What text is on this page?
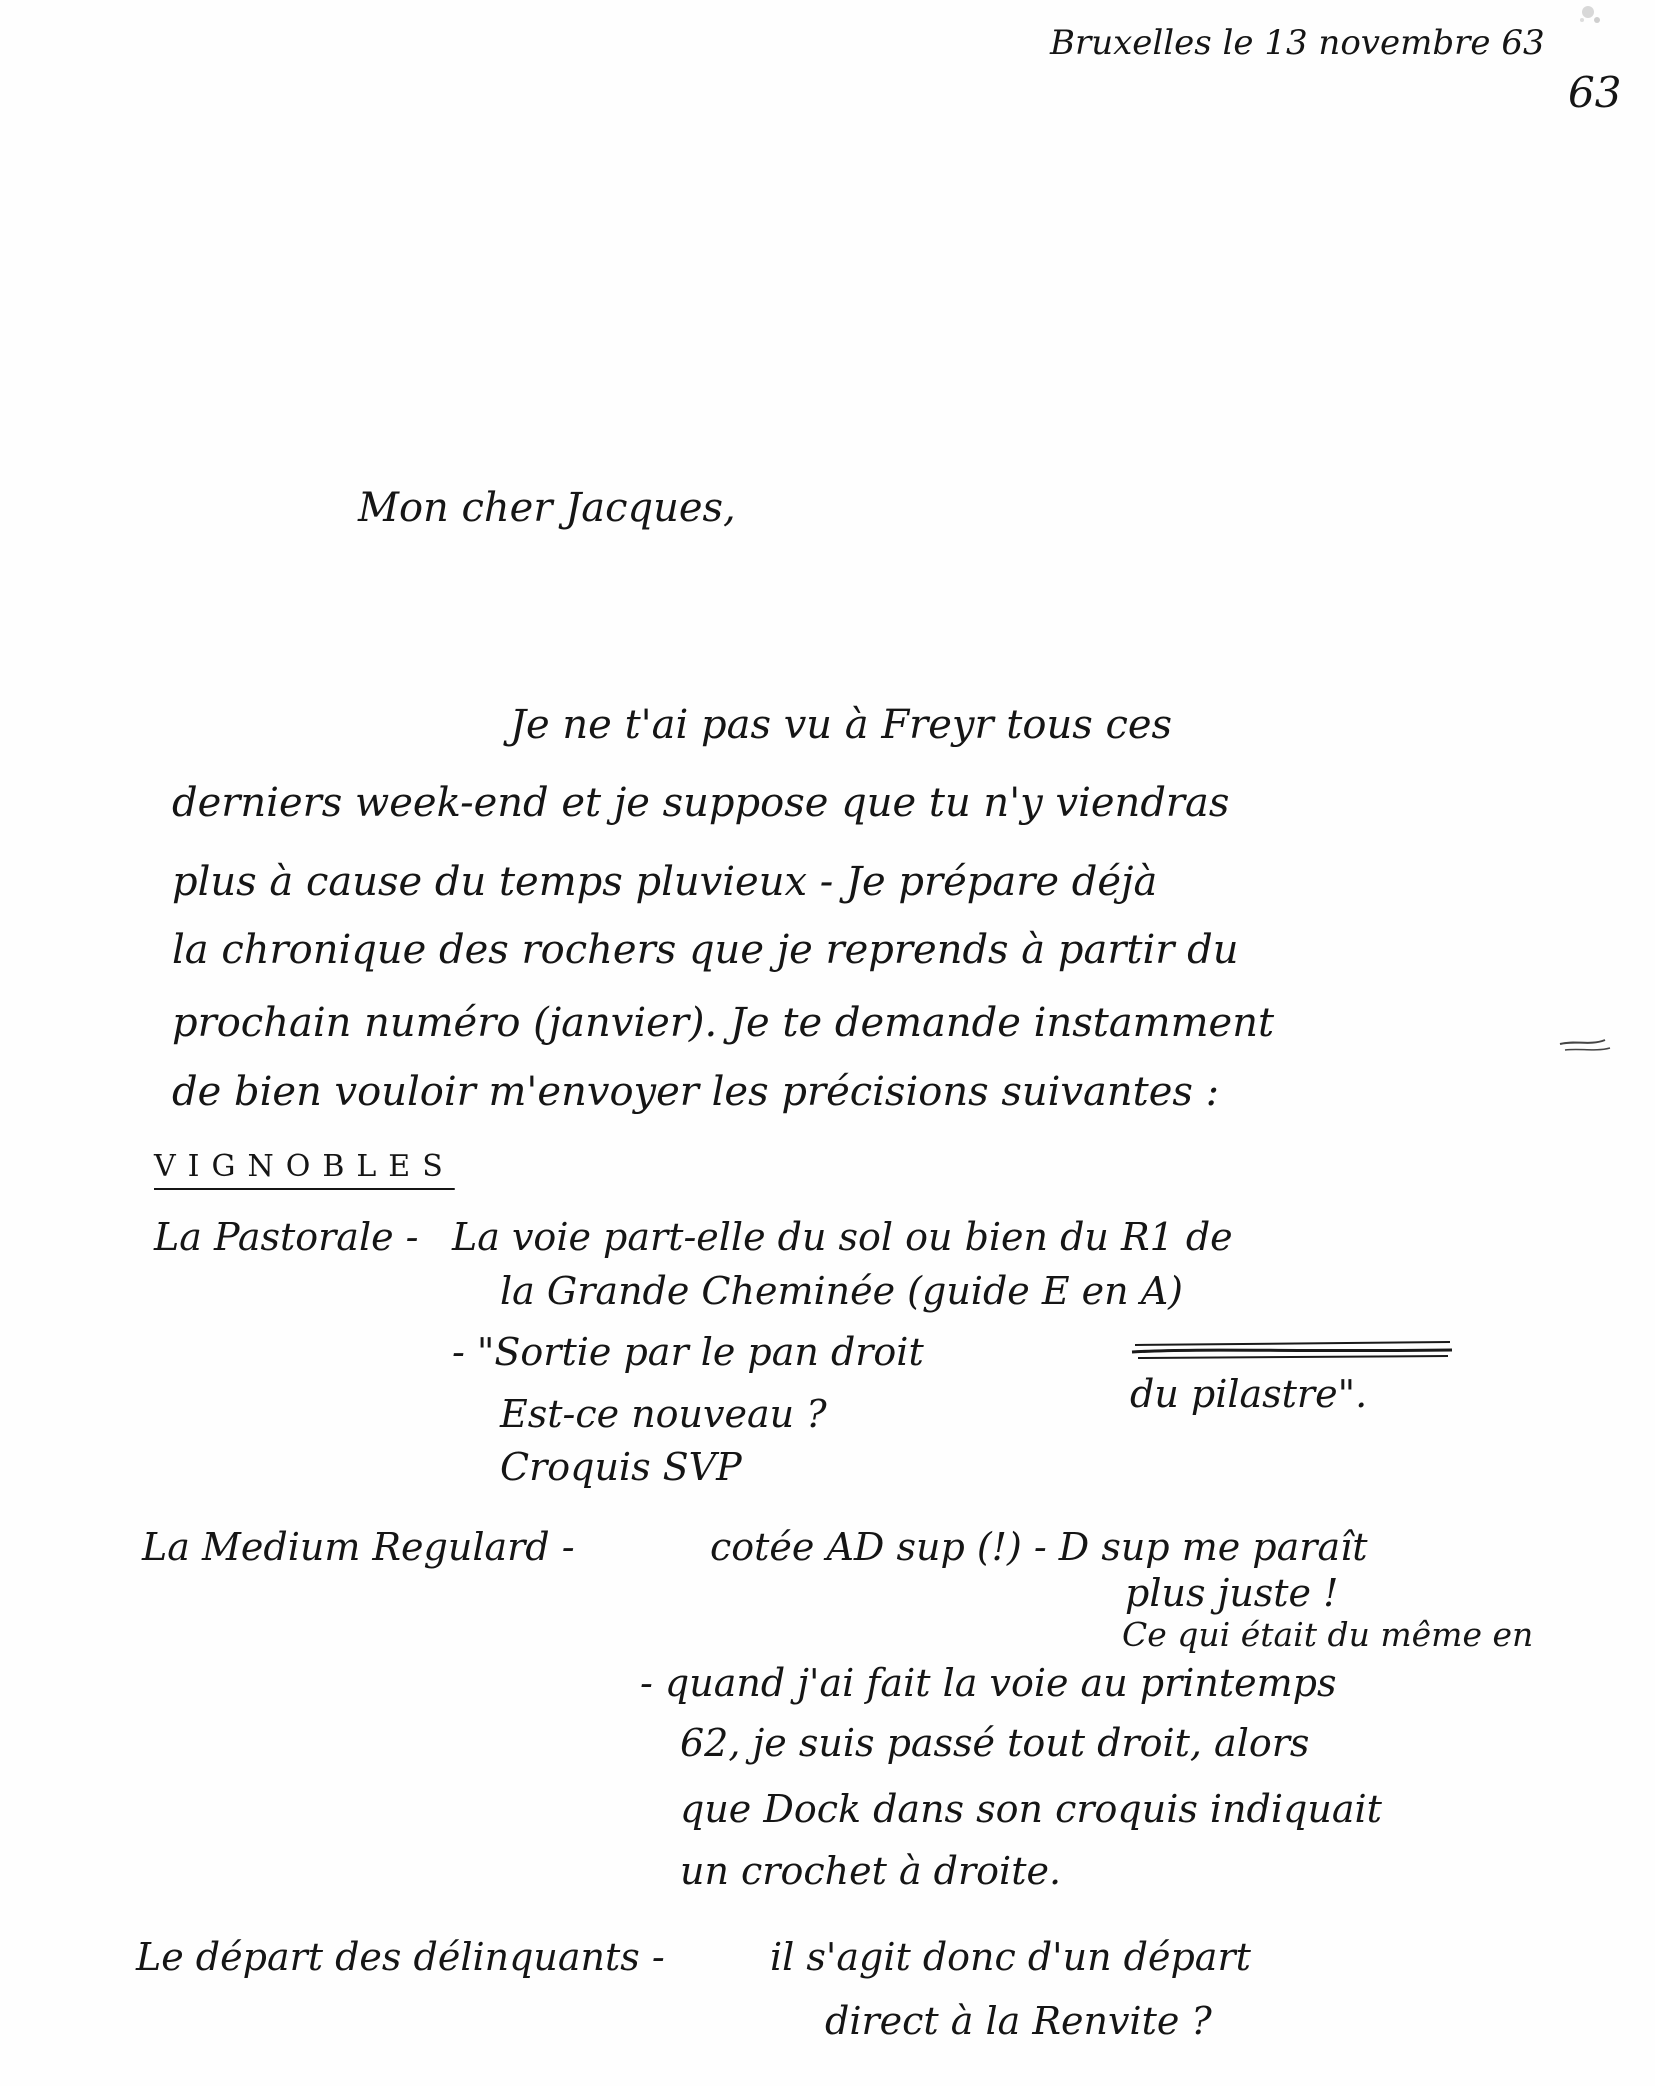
Bruxelles le 13 novembre 63
63
Mon cher Jacques,
Je ne t'ai pas vu à Freyr tous ces
derniers week-end et je suppose que tu n'y viendras
plus à cause du temps pluvieux - Je prépare déjà
la chronique des rochers que je reprends à partir du
prochain numéro (janvier). Je te demande instamment
de bien vouloir m'envoyer les précisions suivantes :
VIGNOBLES
La Pastorale - La voie part-elle du sol ou bien du R1 de
la Grande Cheminée (guide E en A)
- "Sortie par le pan droit
du pilastre".
Est-ce nouveau ?
Croquis SVP
La Medium Regulard -	cotée AD sup (!) - D sup me paraît
plus juste !
Ce qui était du même en
- quand j'ai fait la voie au printemps
62, je suis passé tout droit, alors
que Dock dans son croquis indiquait
un crochet à droite.
Le départ des délinquants -	il s'agit donc d'un départ
direct à la Renvite ?
